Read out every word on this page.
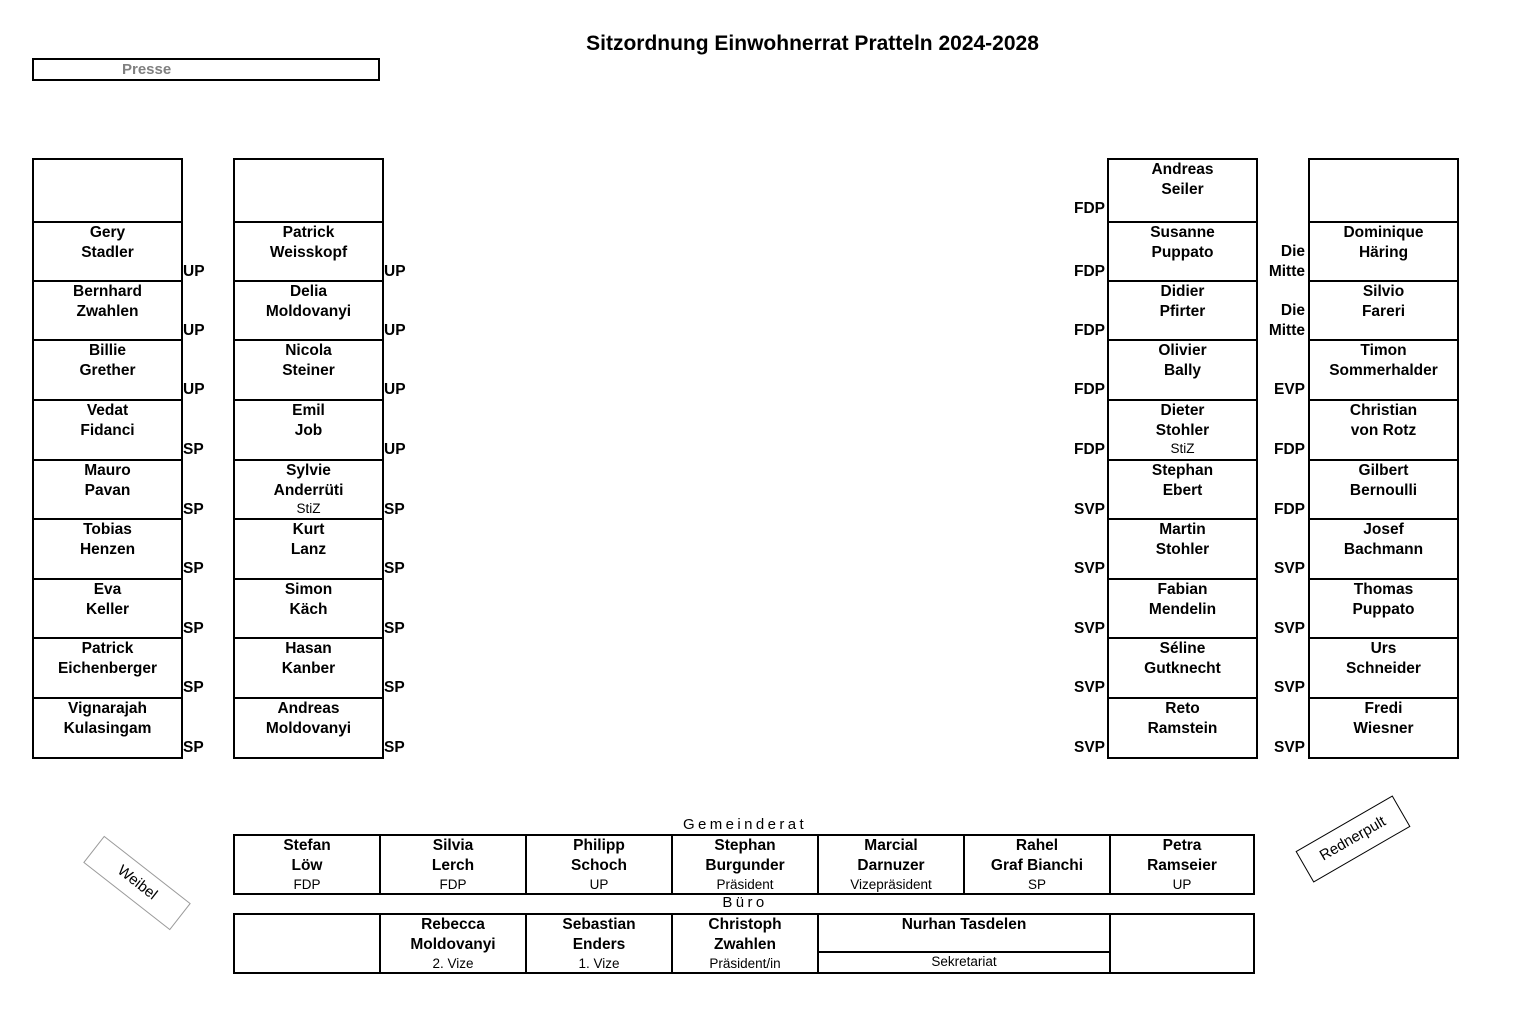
Sitzordnung Einwohnerrat Pratteln 2024-2028
Presse
Gery
Stadler
Bernhard
Zwahlen
Billie
Grether
Vedat
Fidanci
Mauro
Pavan
Tobias
Henzen
Eva
Keller
Patrick
Eichenberger
Vignarajah
Kulasingam
Patrick
Weisskopf
Delia
Moldovanyi
Nicola
Steiner
Emil
Job
Sylvie
Anderrüti
StiZ
Kurt
Lanz
Simon
Käch
Hasan
Kanber
Andreas
Moldovanyi
Andreas
Seiler
Susanne
Puppato
Didier
Pfirter
Olivier
Bally
Dieter
Stohler
StiZ
Stephan
Ebert
Martin
Stohler
Fabian
Mendelin
Séline
Gutknecht
Reto
Ramstein
Dominique
Häring
Silvio
Fareri
Timon
Sommerhalder
Christian
von Rotz
Gilbert
Bernoulli
Josef
Bachmann
Thomas
Puppato
Urs
Schneider
Fredi
Wiesner
Gemeinderat
Stefan
Löw
FDP
Silvia
Lerch
FDP
Philipp
Schoch
UP
Stephan
Burgunder
Präsident
Marcial
Darnuzer
Vizepräsident
Rahel
Graf Bianchi
SP
Petra
Ramseier
UP
Büro
Rebecca
Moldovanyi
2. Vize
Sebastian
Enders
1. Vize
Christoph
Zwahlen
Präsident/in
Nurhan Tasdelen
Sekretariat
Weibel
Rednerpult
UP
UP
UP
SP
SP
SP
SP
SP
SP
UP
UP
UP
UP
SP
SP
SP
SP
SP
FDP
FDP
FDP
FDP
FDP
SVP
SVP
SVP
SVP
SVP
Die
Mitte
Die
Mitte
EVP
FDP
FDP
SVP
SVP
SVP
SVP
